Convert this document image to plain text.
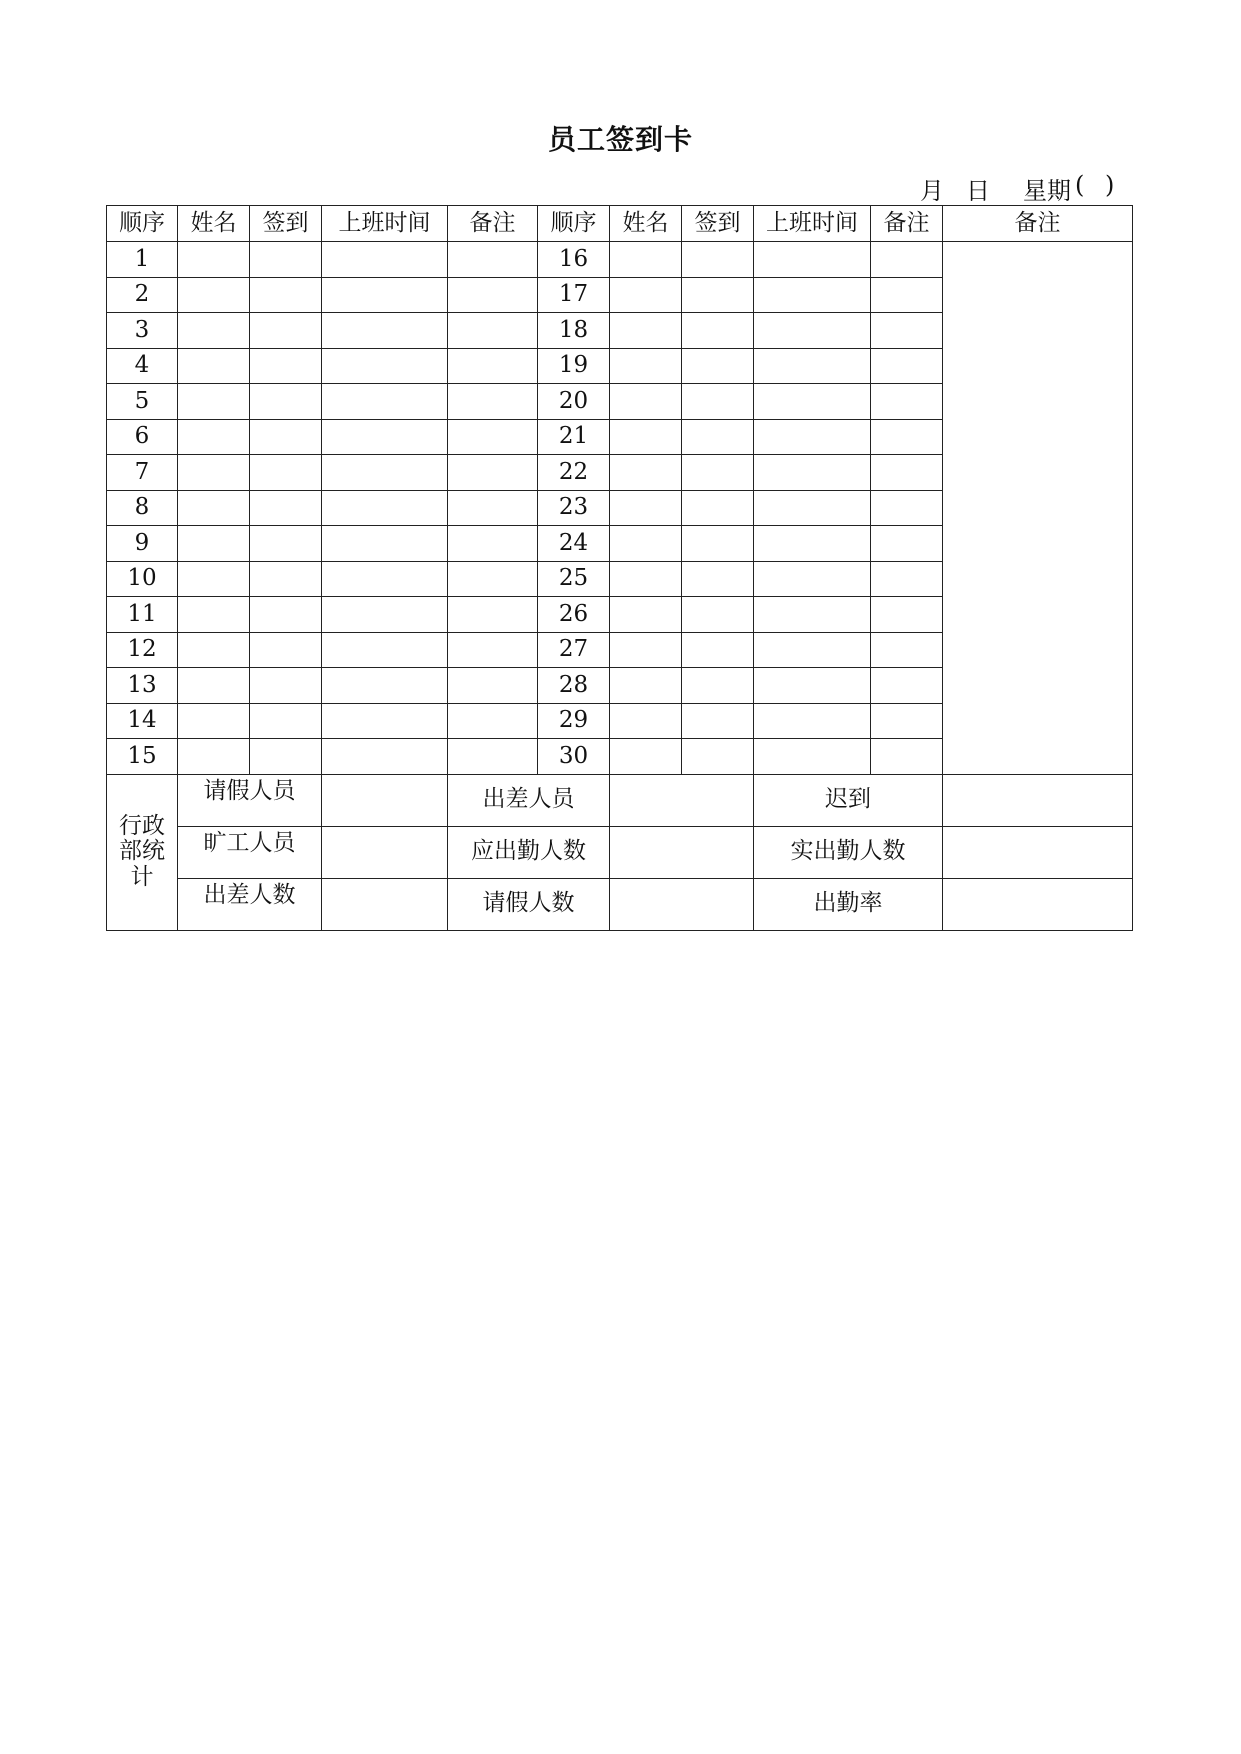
员工签到卡
月 日 星期 ( )
顺序	姓名	签到	上班时间	备注	顺序	姓名	签到	上班时间	备注	备注
1					16					
2					17					
3					18					
4					19					
5					20					
6					21					
7					22					
8					23					
9					24					
10					25					
11					26					
12					27					
13					28					
14					29					
15					30					

行政
部统
计	请假人员			出差人员				迟到		
	旷工人员			应出勤人数				实出勤人数		
	出差人数			请假人数				出勤率		
